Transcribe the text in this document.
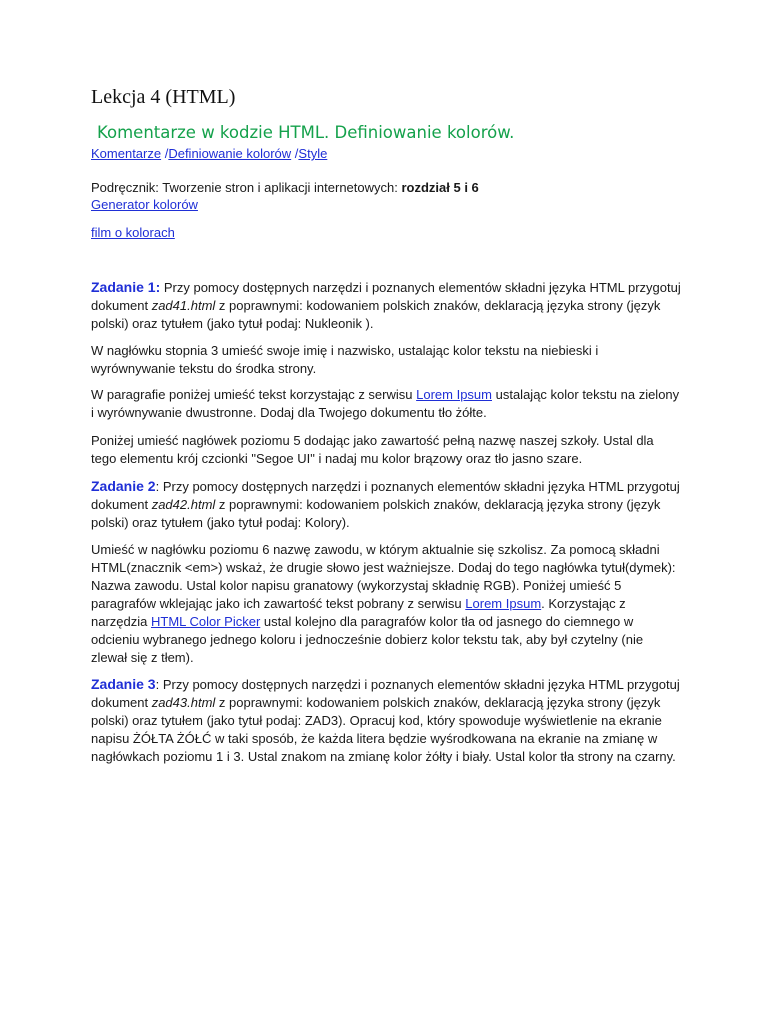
Lekcja 4 (HTML)
Komentarze w kodzie HTML. Definiowanie kolorów.
Komentarze /Definiowanie kolorów /Style
Podręcznik: Tworzenie stron i aplikacji internetowych: rozdział 5 i 6
Generator kolorów
film o kolorach
Zadanie 1: Przy pomocy dostępnych narzędzi i poznanych elementów składni języka HTML przygotuj dokument zad41.html z poprawnymi: kodowaniem polskich znaków, deklaracją języka strony (język polski) oraz tytułem (jako tytuł podaj: Nukleonik ).
W nagłówku stopnia 3 umieść swoje imię i nazwisko, ustalając kolor tekstu na niebieski i wyrównywanie tekstu do środka strony.
W paragrafie poniżej umieść tekst korzystając z serwisu Lorem Ipsum ustalając kolor tekstu na zielony i wyrównywanie dwustronne. Dodaj dla Twojego dokumentu tło żółte.
Poniżej umieść nagłówek poziomu 5 dodając jako zawartość pełną nazwę naszej szkoły. Ustal dla tego elementu krój czcionki "Segoe UI" i nadaj mu kolor brązowy oraz tło jasno szare.
Zadanie 2: Przy pomocy dostępnych narzędzi i poznanych elementów składni języka HTML przygotuj dokument zad42.html z poprawnymi: kodowaniem polskich znaków, deklaracją języka strony (język polski) oraz tytułem (jako tytuł podaj: Kolory).
Umieść w nagłówku poziomu 6 nazwę zawodu, w którym aktualnie się szkolisz. Za pomocą składni HTML(znacznik <em>) wskaż, że drugie słowo jest ważniejsze. Dodaj do tego nagłówka tytuł(dymek): Nazwa zawodu. Ustal kolor napisu granatowy (wykorzystaj składnię RGB). Poniżej umieść 5 paragrafów wklejając jako ich zawartość tekst pobrany z serwisu Lorem Ipsum. Korzystając z narzędzia HTML Color Picker ustal kolejno dla paragrafów kolor tła od jasnego do ciemnego w odcieniu wybranego jednego koloru i jednocześnie dobierz kolor tekstu tak, aby był czytelny (nie zlewał się z tłem).
Zadanie 3: Przy pomocy dostępnych narzędzi i poznanych elementów składni języka HTML przygotuj dokument zad43.html z poprawnymi: kodowaniem polskich znaków, deklaracją języka strony (język polski) oraz tytułem (jako tytuł podaj: ZAD3). Opracuj kod, który spowoduje wyświetlenie na ekranie napisu ŻÓŁTA ŻÓŁĆ w taki sposób, że każda litera będzie wyśrodkowana na ekranie na zmianę w nagłówkach poziomu 1 i 3. Ustal znakom na zmianę kolor żółty i biały. Ustal kolor tła strony na czarny.
